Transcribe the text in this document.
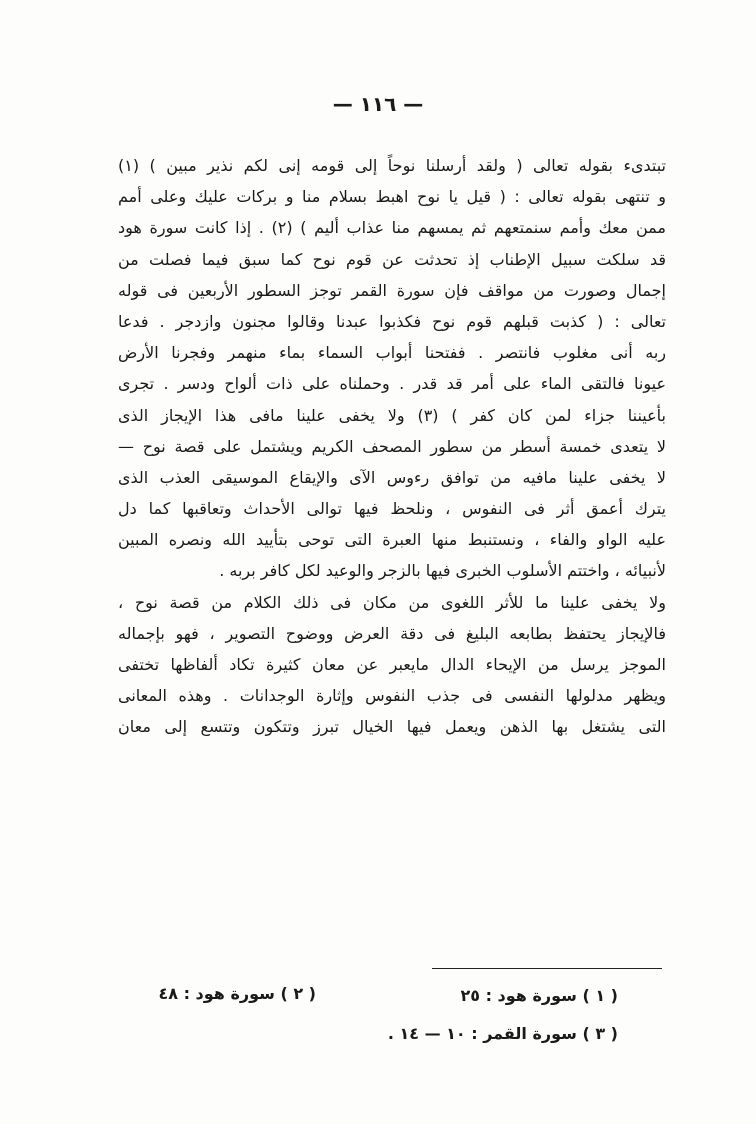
— ١١٦ —
تبتدىء بقوله تعالى ( ولقد أرسلنا نوحاً إلى قومه إنى لكم نذير مبين ) (١)
و تنتهى بقوله تعالى : ( قيل يا نوح اهبط بسلام منا و بركات عليك وعلى أمم
ممن معك وأمم سنمتعهم ثم يمسهم منا عذاب أليم ) (٢) . إذا كانت سورة هود
قد سلكت سبيل الإطناب إذ تحدثت عن قوم نوح كما سبق فيما فصلت من
إجمال وصورت من مواقف فإن سورة القمر توجز السطور الأربعين فى قوله
تعالى : ( كذبت قبلهم قوم نوح فكذبوا عبدنا وقالوا مجنون وازدجر . فدعا
ربه أنى مغلوب فانتصر . ففتحنا أبواب السماء بماء منهمر وفجرنا الأرض
عيونا فالتقى الماء على أمر قد قدر . وحملناه على ذات ألواح ودسر . تجرى
بأعيننا جزاء لمن كان كفر ) (٣) ولا يخفى علينا مافى هذا الإيجاز الذى
لا يتعدى خمسة أسطر من سطور المصحف الكريم ويشتمل على قصة نوح —
لا يخفى علينا مافيه من توافق رءوس الآى والإيقاع الموسيقى العذب الذى
يترك أعمق أثر فى النفوس ، ونلحظ فيها توالى الأحداث وتعاقبها كما دل
عليه الواو والفاء ، ونستنبط منها العبرة التى توحى بتأييد الله ونصره المبين
لأنبيائه ، واختتم الأسلوب الخبرى فيها بالزجر والوعيد لكل كافر بربه .
ولا يخفى علينا ما للأثر اللغوى من مكان فى ذلك الكلام من قصة نوح ،
فالإيجاز يحتفظ بطابعه البليغ فى دقة العرض ووضوح التصوير ، فهو بإجماله
الموجز يرسل من الإيحاء الدال مايعبر عن معان كثيرة تكاد ألفاظها تختفى
ويظهر مدلولها النفسى فى جذب النفوس وإثارة الوجدانات . وهذه المعانى
التى يشتغل بها الذهن ويعمل فيها الخيال تبرز وتتكون وتتسع إلى معان
( ١ ) سورة هود : ٢٥
( ٢ ) سورة هود : ٤٨
( ٣ ) سورة القمر : ١٠ — ١٤ .
